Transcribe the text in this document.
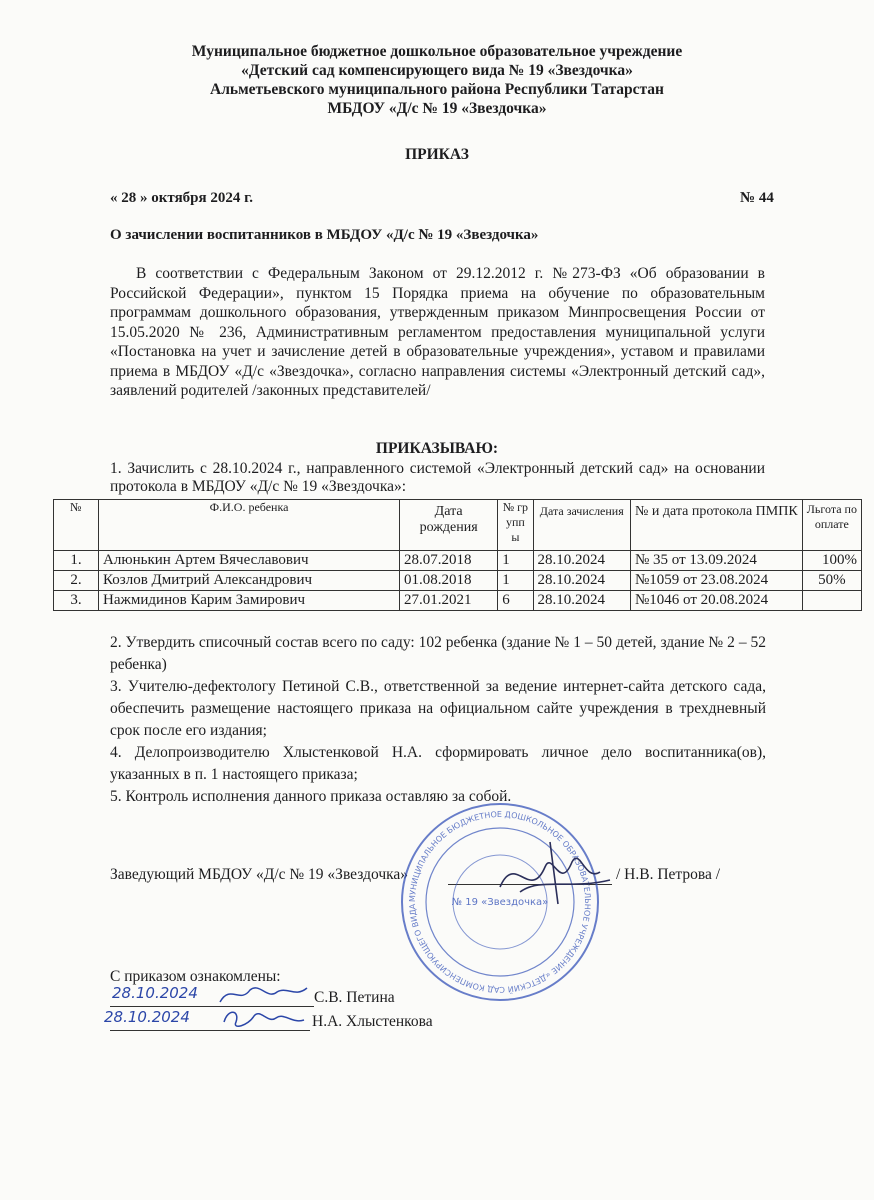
Муниципальное бюджетное дошкольное образовательное учреждение
«Детский сад компенсирующего вида № 19 «Звездочка»
Альметьевского муниципального района Республики Татарстан
МБДОУ «Д/с № 19 «Звездочка»
ПРИКАЗ
« 28 » октября 2024 г.	№ 44
О зачислении воспитанников в МБДОУ «Д/с № 19 «Звездочка»
В соответствии с Федеральным Законом от 29.12.2012 г. №273-ФЗ «Об образовании в Российской Федерации», пунктом 15 Порядка приема на обучение по образовательным программам дошкольного образования, утвержденным приказом Минпросвещения России от 15.05.2020 № 236, Административным регламентом предоставления муниципальной услуги «Постановка на учет и зачисление детей в образовательные учреждения», уставом и правилами приема в МБДОУ «Д/с «Звездочка», согласно направления системы «Электронный детский сад», заявлений родителей /законных представителей/
ПРИКАЗЫВАЮ:
1. Зачислить с 28.10.2024 г., направленного системой «Электронный детский сад» на основании протокола в МБДОУ «Д/с № 19 «Звездочка»:
№	Ф.И.О. ребенка	Дата рождения	№ группы	Дата зачисления	№ и дата протокола ПМПК	Льгота по оплате
1.	Алюнькин Артем Вячеславович	28.07.2018	1	28.10.2024	№ 35 от 13.09.2024	100%
2.	Козлов Дмитрий Александрович	01.08.2018	1	28.10.2024	№1059 от 23.08.2024	50%
3.	Нажмидинов Карим Замирович	27.01.2021	6	28.10.2024	№1046 от 20.08.2024	

2. Утвердить списочный состав всего по саду: 102 ребенка (здание № 1 – 50 детей, здание № 2 – 52 ребенка)

3. Учителю-дефектологу Петиной С.В., ответственной за ведение интернет-сайта детского сада, обеспечить размещение настоящего приказа на официальном сайте учреждения в трехдневный срок после его издания;

4. Делопроизводителю Хлыстенковой Н.А. сформировать личное дело воспитанника(ов), указанных в п. 1 настоящего приказа;

5. Контроль исполнения данного приказа оставляю за собой.

Заведующий МБДОУ «Д/с № 19 «Звездочка»	/ Н.В. Петрова /
МУНИЦИПАЛЬНОЕ БЮДЖЕТНОЕ ДОШКОЛЬНОЕ ОБРАЗОВАТЕЛЬНОЕ УЧРЕЖДЕНИЕ «ДЕТСКИЙ САД КОМПЕНСИРУЮЩЕГО ВИДА	№ 19 «Звездочка»
С приказом ознакомлены:
28.10.2024	С.В. Петина
28.10.2024	Н.А. Хлыстенкова
